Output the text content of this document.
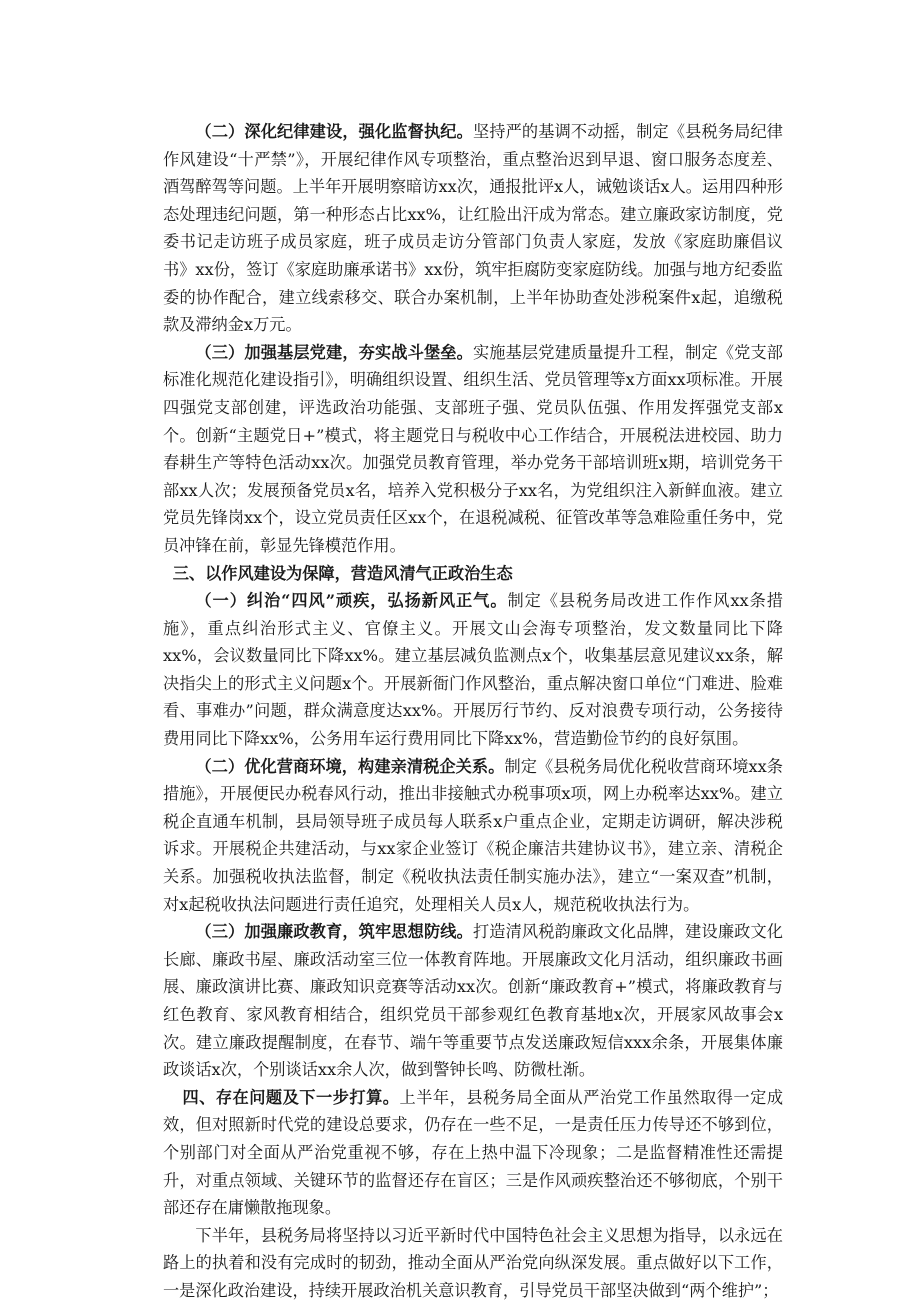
（二）深化纪律建设，强化监督执纪。坚持严的基调不动摇，制定《县税务局纪律作风建设“十严禁”》，开展纪律作风专项整治，重点整治迟到早退、窗口服务态度差、酒驾醉驾等问题。上半年开展明察暗访xx次，通报批评x人，诫勉谈话x人。运用四种形态处理违纪问题，第一种形态占比xx%，让红脸出汗成为常态。建立廉政家访制度，党委书记走访班子成员家庭，班子成员走访分管部门负责人家庭，发放《家庭助廉倡议书》xx份，签订《家庭助廉承诺书》xx份，筑牢拒腐防变家庭防线。加强与地方纪委监委的协作配合，建立线索移交、联合办案机制，上半年协助查处涉税案件x起，追缴税款及滞纳金x万元。

（三）加强基层党建，夯实战斗堡垒。实施基层党建质量提升工程，制定《党支部标准化规范化建设指引》，明确组织设置、组织生活、党员管理等x方面xx项标准。开展四强党支部创建，评选政治功能强、支部班子强、党员队伍强、作用发挥强党支部x个。创新“主题党日+”模式，将主题党日与税收中心工作结合，开展税法进校园、助力春耕生产等特色活动xx次。加强党员教育管理，举办党务干部培训班x期，培训党务干部xx人次；发展预备党员x名，培养入党积极分子xx名，为党组织注入新鲜血液。建立党员先锋岗xx个，设立党员责任区xx个，在退税减税、征管改革等急难险重任务中，党员冲锋在前，彰显先锋模范作用。

三、以作风建设为保障，营造风清气正政治生态

（一）纠治“四风”顽疾，弘扬新风正气。制定《县税务局改进工作作风xx条措施》，重点纠治形式主义、官僚主义。开展文山会海专项整治，发文数量同比下降xx%，会议数量同比下降xx%。建立基层减负监测点x个，收集基层意见建议xx条，解决指尖上的形式主义问题x个。开展新衙门作风整治，重点解决窗口单位“门难进、脸难看、事难办”问题，群众满意度达xx%。开展厉行节约、反对浪费专项行动，公务接待费用同比下降xx%，公务用车运行费用同比下降xx%，营造勤俭节约的良好氛围。

（二）优化营商环境，构建亲清税企关系。制定《县税务局优化税收营商环境xx条措施》，开展便民办税春风行动，推出非接触式办税事项x项，网上办税率达xx%。建立税企直通车机制，县局领导班子成员每人联系x户重点企业，定期走访调研，解决涉税诉求。开展税企共建活动，与xx家企业签订《税企廉洁共建协议书》，建立亲、清税企关系。加强税收执法监督，制定《税收执法责任制实施办法》，建立“一案双查”机制，对x起税收执法问题进行责任追究，处理相关人员x人，规范税收执法行为。

（三）加强廉政教育，筑牢思想防线。打造清风税韵廉政文化品牌，建设廉政文化长廊、廉政书屋、廉政活动室三位一体教育阵地。开展廉政文化月活动，组织廉政书画展、廉政演讲比赛、廉政知识竞赛等活动xx次。创新“廉政教育+”模式，将廉政教育与红色教育、家风教育相结合，组织党员干部参观红色教育基地x次，开展家风故事会x次。建立廉政提醒制度，在春节、端午等重要节点发送廉政短信xxx余条，开展集体廉政谈话x次，个别谈话xx余人次，做到警钟长鸣、防微杜渐。

四、存在问题及下一步打算。上半年，县税务局全面从严治党工作虽然取得一定成效，但对照新时代党的建设总要求，仍存在一些不足，一是责任压力传导还不够到位，个别部门对全面从严治党重视不够，存在上热中温下冷现象；二是监督精准性还需提升，对重点领域、关键环节的监督还存在盲区；三是作风顽疾整治还不够彻底，个别干部还存在庸懒散拖现象。

下半年，县税务局将坚持以习近平新时代中国特色社会主义思想为指导，以永远在路上的执着和没有完成时的韧劲，推动全面从严治党向纵深发展。重点做好以下工作，一是深化政治建设，持续开展政治机关意识教育，引导党员干部坚决做到“两个维护”；
